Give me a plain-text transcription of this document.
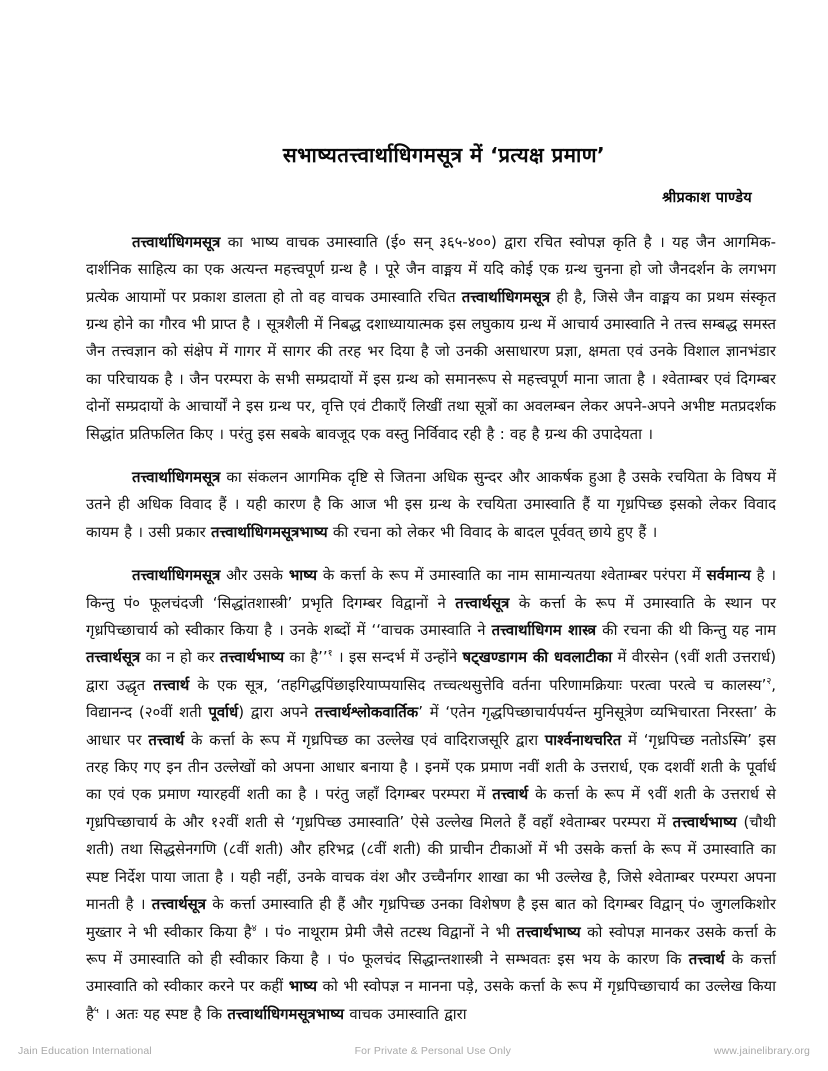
सभाष्यतत्त्वार्थाधिगमसूत्र में ‘प्रत्यक्ष प्रमाण’
श्रीप्रकाश पाण्डेय

तत्त्वार्थाधिगमसूत्र का भाष्य वाचक उमास्वाति (ई० सन् ३६५-४००) द्वारा रचित स्वोपज्ञ कृति है । यह जैन आगमिक-दार्शनिक साहित्य का एक अत्यन्त महत्त्वपूर्ण ग्रन्थ है । पूरे जैन वाङ्मय में यदि कोई एक ग्रन्थ चुनना हो जो जैनदर्शन के लगभग प्रत्येक आयामों पर प्रकाश डालता हो तो वह वाचक उमास्वाति रचित तत्त्वार्थाधिगमसूत्र ही है, जिसे जैन वाङ्मय का प्रथम संस्कृत ग्रन्थ होने का गौरव भी प्राप्त है । सूत्रशैली में निबद्ध दशाध्यायात्मक इस लघुकाय ग्रन्थ में आचार्य उमास्वाति ने तत्त्व सम्बद्ध समस्त जैन तत्त्वज्ञान को संक्षेप में गागर में सागर की तरह भर दिया है जो उनकी असाधारण प्रज्ञा, क्षमता एवं उनके विशाल ज्ञानभंडार का परिचायक है । जैन परम्परा के सभी सम्प्रदायों में इस ग्रन्थ को समानरूप से महत्त्वपूर्ण माना जाता है । श्वेताम्बर एवं दिगम्बर दोनों सम्प्रदायों के आचार्यों ने इस ग्रन्थ पर, वृत्ति एवं टीकाएँ लिखीं तथा सूत्रों का अवलम्बन लेकर अपने-अपने अभीष्ट मतप्रदर्शक सिद्धांत प्रतिफलित किए । परंतु इस सबके बावजूद एक वस्तु निर्विवाद रही है : वह है ग्रन्थ की उपादेयता ।

तत्त्वार्थाधिगमसूत्र का संकलन आगमिक दृष्टि से जितना अधिक सुन्दर और आकर्षक हुआ है उसके रचयिता के विषय में उतने ही अधिक विवाद हैं । यही कारण है कि आज भी इस ग्रन्थ के रचयिता उमास्वाति हैं या गृध्रपिच्छ इसको लेकर विवाद कायम है । उसी प्रकार तत्त्वार्थाधिगमसूत्रभाष्य की रचना को लेकर भी विवाद के बादल पूर्ववत् छाये हुए हैं ।

तत्त्वार्थाधिगमसूत्र और उसके भाष्य के कर्त्ता के रूप में उमास्वाति का नाम सामान्यतया श्वेताम्बर परंपरा में सर्वमान्य है । किन्तु पं० फूलचंदजी ‘सिद्धांतशास्त्री’ प्रभृति दिगम्बर विद्वानों ने तत्त्वार्थसूत्र के कर्त्ता के रूप में उमास्वाति के स्थान पर गृध्रपिच्छाचार्य को स्वीकार किया है । उनके शब्दों में ‘‘वाचक उमास्वाति ने तत्त्वार्थाधिगम शास्त्र की रचना की थी किन्तु यह नाम तत्त्वार्थसूत्र का न हो कर तत्त्वार्थभाष्य का है’’$^१$ । इस सन्दर्भ में उन्होंने षट्खण्डागम की धवलाटीका में वीरसेन (९वीं शती उत्तरार्ध) द्वारा उद्धृत तत्त्वार्थ के एक सूत्र, ‘तहगिद्धपिंछाइरियाप्पयासिद तच्चत्थसुत्तेवि वर्तना परिणामक्रियाः परत्वा परत्वे च कालस्य’$^२$, विद्यानन्द (२०वीं शती पूर्वार्ध) द्वारा अपने तत्त्वार्थश्लोकवार्तिक’ में ‘एतेन गृद्धपिच्छाचार्यपर्यन्त मुनिसूत्रेण व्यभिचारता निरस्ता’ के आधार पर तत्त्वार्थ के कर्त्ता के रूप में गृध्रपिच्छ का उल्लेख एवं वादिराजसूरि द्वारा पार्श्वनाथचरित में ‘गृध्रपिच्छ नतोऽस्मि’ इस तरह किए गए इन तीन उल्लेखों को अपना आधार बनाया है । इनमें एक प्रमाण नवीं शती के उत्तरार्ध, एक दशवीं शती के पूर्वार्ध का एवं एक प्रमाण ग्यारहवीं शती का है । परंतु जहाँ दिगम्बर परम्परा में तत्त्वार्थ के कर्त्ता के रूप में ९वीं शती के उत्तरार्ध से गृध्रपिच्छाचार्य के और १२वीं शती से ‘गृध्रपिच्छ उमास्वाति’ ऐसे उल्लेख मिलते हैं वहाँ श्वेताम्बर परम्परा में तत्त्वार्थभाष्य (चौथी शती) तथा सिद्धसेनगणि (८वीं शती) और हरिभद्र (८वीं शती) की प्राचीन टीकाओं में भी उसके कर्त्ता के रूप में उमास्वाति का स्पष्ट निर्देश पाया जाता है । यही नहीं, उनके वाचक वंश और उच्चैर्नागर शाखा का भी उल्लेख है, जिसे श्वेताम्बर परम्परा अपना मानती है । तत्त्वार्थसूत्र के कर्त्ता उमास्वाति ही हैं और गृध्रपिच्छ उनका विशेषण है इस बात को दिगम्बर विद्वान् पं० जुगलकिशोर मुख्तार ने भी स्वीकार किया है$^४$ । पं० नाथूराम प्रेमी जैसे तटस्थ विद्वानों ने भी तत्त्वार्थभाष्य को स्वोपज्ञ मानकर उसके कर्त्ता के रूप में उमास्वाति को ही स्वीकार किया है । पं० फूलचंद सिद्धान्तशास्त्री ने सम्भवतः इस भय के कारण कि तत्त्वार्थ के कर्त्ता उमास्वाति को स्वीकार करने पर कहीं भाष्य को भी स्वोपज्ञ न मानना पड़े, उसके कर्त्ता के रूप में गृध्रपिच्छाचार्य का उल्लेख किया है$^५$ । अतः यह स्पष्ट है कि तत्त्वार्थाधिगमसूत्रभाष्य वाचक उमास्वाति द्वारा

Jain Education International	For Private & Personal Use Only	www.jainelibrary.org
